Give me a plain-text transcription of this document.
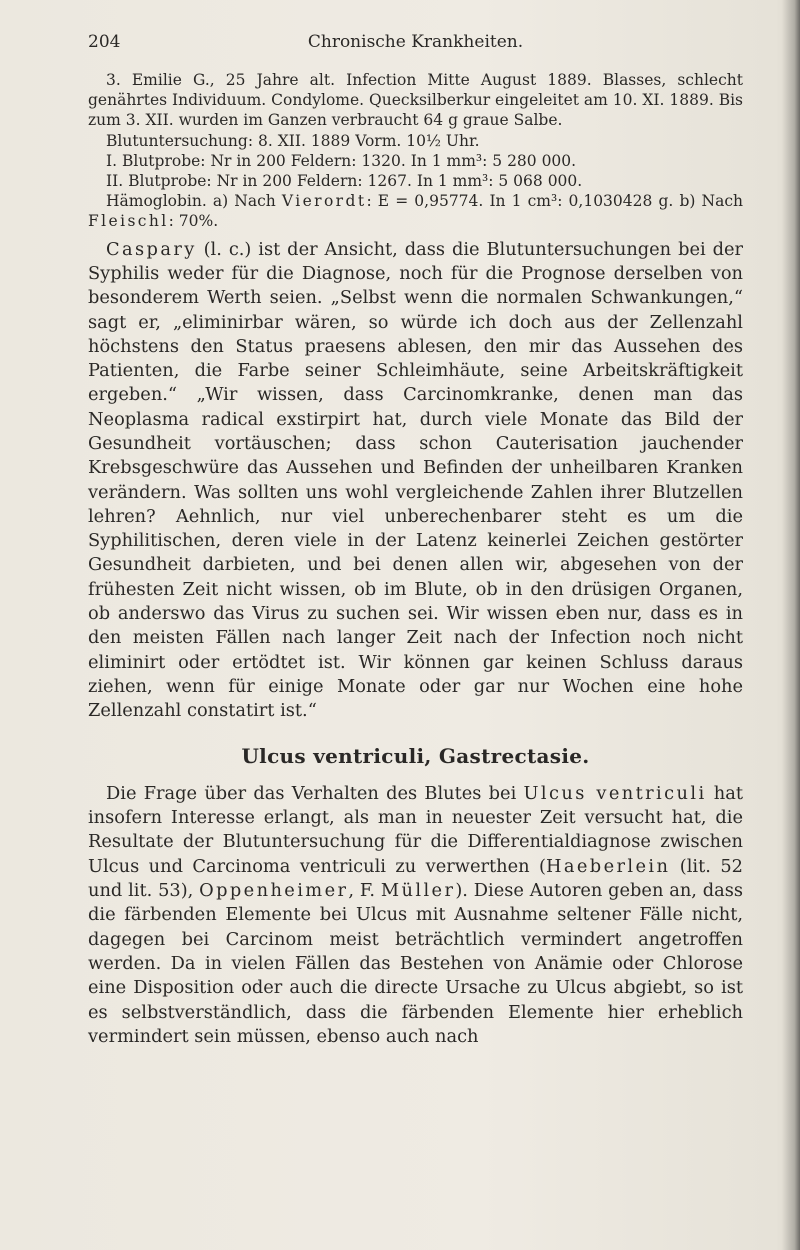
204	Chronische Krankheiten.

3. Emilie G., 25 Jahre alt. Infection Mitte August 1889. Blasses, schlecht genährtes Individuum. Condylome. Quecksilberkur eingeleitet am 10. XI. 1889. Bis zum 3. XII. wurden im Ganzen verbraucht 64 g graue Salbe.

Blutuntersuchung: 8. XII. 1889 Vorm. 10½ Uhr.

I. Blutprobe: Nr in 200 Feldern: 1320. In 1 mm³: 5 280 000.

II. Blutprobe: Nr in 200 Feldern: 1267. In 1 mm³: 5 068 000.

Hämoglobin. a) Nach Vierordt: E = 0,95774. In 1 cm³: 0,1030428 g. b) Nach Fleischl: 70%.

Caspary (l. c.) ist der Ansicht, dass die Blutuntersuchungen bei der Syphilis weder für die Diagnose, noch für die Prognose derselben von besonderem Werth seien. „Selbst wenn die normalen Schwankungen,“ sagt er, „eliminirbar wären, so würde ich doch aus der Zellenzahl höchstens den Status praesens ablesen, den mir das Aussehen des Patienten, die Farbe seiner Schleimhäute, seine Arbeitskräftigkeit ergeben.“ „Wir wissen, dass Carcinomkranke, denen man das Neoplasma radical exstirpirt hat, durch viele Monate das Bild der Gesundheit vortäuschen; dass schon Cauterisation jauchender Krebsgeschwüre das Aussehen und Befinden der unheilbaren Kranken verändern. Was sollten uns wohl vergleichende Zahlen ihrer Blutzellen lehren? Aehnlich, nur viel unberechenbarer steht es um die Syphilitischen, deren viele in der Latenz keinerlei Zeichen gestörter Gesundheit darbieten, und bei denen allen wir, abgesehen von der frühesten Zeit nicht wissen, ob im Blute, ob in den drüsigen Organen, ob anderswo das Virus zu suchen sei. Wir wissen eben nur, dass es in den meisten Fällen nach langer Zeit nach der Infection noch nicht eliminirt oder ertödtet ist. Wir können gar keinen Schluss daraus ziehen, wenn für einige Monate oder gar nur Wochen eine hohe Zellenzahl constatirt ist.“

Ulcus ventriculi, Gastrectasie.

Die Frage über das Verhalten des Blutes bei Ulcus ventriculi hat insofern Interesse erlangt, als man in neuester Zeit versucht hat, die Resultate der Blutuntersuchung für die Differentialdiagnose zwischen Ulcus und Carcinoma ventriculi zu verwerthen (Haeberlein (lit. 52 und lit. 53), Oppenheimer, F. Müller). Diese Autoren geben an, dass die färbenden Elemente bei Ulcus mit Ausnahme seltener Fälle nicht, dagegen bei Carcinom meist beträchtlich vermindert angetroffen werden. Da in vielen Fällen das Bestehen von Anämie oder Chlorose eine Disposition oder auch die directe Ursache zu Ulcus abgiebt, so ist es selbstverständlich, dass die färbenden Elemente hier erheblich vermindert sein müssen, ebenso auch nach
